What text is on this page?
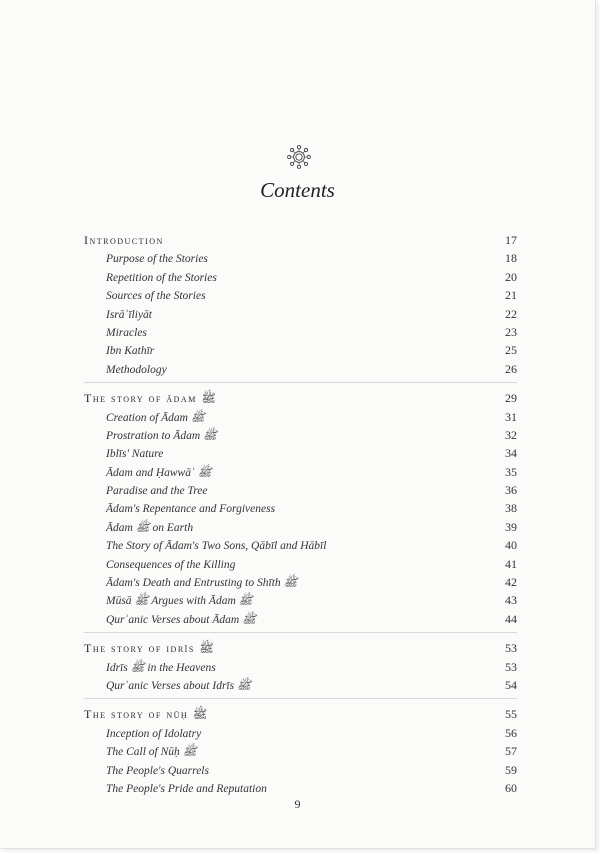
Contents
Introduction	17
Purpose of the Stories	18
Repetition of the Stories	20
Sources of the Stories	21
Isrāʾīliyāt	22
Miracles	23
Ibn Kathīr	25
Methodology	26
The story of ādam ﷺ	29
Creation of Ādam ﷺ	31
Prostration to Ādam ﷺ	32
Iblīs' Nature	34
Ādam and Ḥawwāʾ ﷺ	35
Paradise and the Tree	36
Ādam's Repentance and Forgiveness	38
Ādam ﷺ on Earth	39
The Story of Ādam's Two Sons, Qābīl and Hābīl	40
Consequences of the Killing	41
Ādam's Death and Entrusting to Shīth ﷺ	42
Mūsā ﷺ Argues with Ādam ﷺ	43
Qurʾanic Verses about Ādam ﷺ	44
The story of idrīs ﷺ	53
Idrīs ﷺ in the Heavens	53
Qurʾanic Verses about Idrīs ﷺ	54
The story of nūḥ ﷺ	55
Inception of Idolatry	56
The Call of Nūḥ ﷺ	57
The People's Quarrels	59
The People's Pride and Reputation	60
9
